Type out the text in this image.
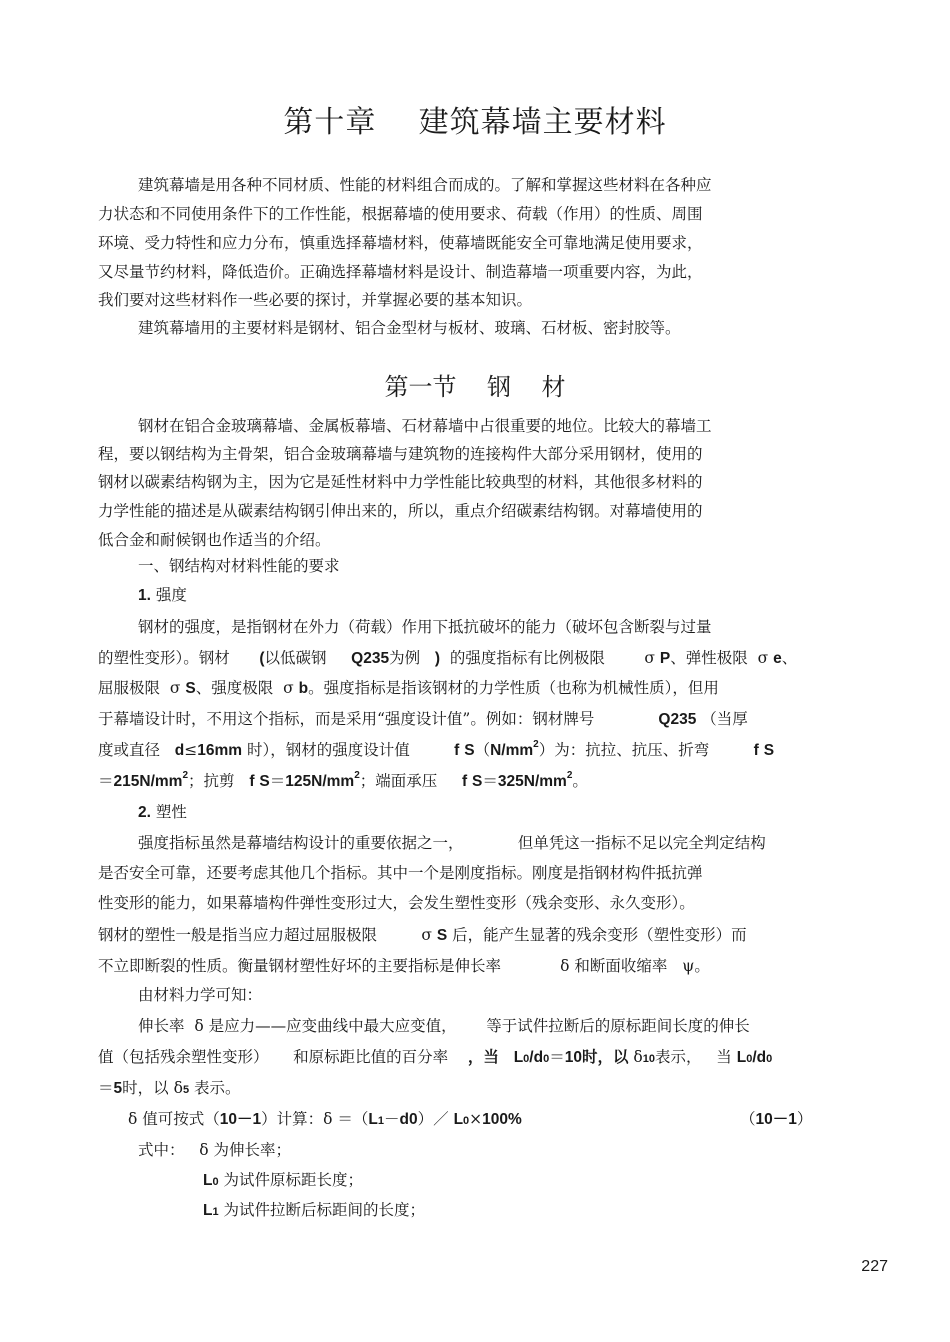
第十章    建筑幕墙主要材料
建筑幕墙是用各种不同材质、性能的材料组合而成的。了解和掌握这些材料在各种应
力状态和不同使用条件下的工作性能，根据幕墙的使用要求、荷载（作用）的性质、周围
环境、受力特性和应力分布，慎重选择幕墙材料，使幕墙既能安全可靠地满足使用要求，
又尽量节约材料，降低造价。正确选择幕墙材料是设计、制造幕墙一项重要内容，为此，
我们要对这些材料作一些必要的探讨，并掌握必要的基本知识。
建筑幕墙用的主要材料是钢材、铝合金型材与板材、玻璃、石材板、密封胶等。
第一节    钢    材
钢材在铝合金玻璃幕墙、金属板幕墙、石材幕墙中占很重要的地位。比较大的幕墙工
程，要以钢结构为主骨架，铝合金玻璃幕墙与建筑物的连接构件大部分采用钢材，使用的
钢材以碳素结构钢为主，因为它是延性材料中力学性能比较典型的材料，其他很多材料的
力学性能的描述是从碳素结构钢引伸出来的，所以，重点介绍碳素结构钢。对幕墙使用的
低合金和耐候钢也作适当的介绍。
一、钢结构对材料性能的要求
1. 强度
钢材的强度，是指钢材在外力（荷载）作用下抵抗破坏的能力（破坏包含断裂与过量
的塑性变形）。钢材 (以低碳钢 Q235为例 ) 的强度指标有比例极限	σ P、弹性极限 σ e、
屈服极限 σ S、强度极限 σ b。强度指标是指该钢材的力学性质（也称为机械性质），但用
于幕墙设计时，不用这个指标，而是采用“强度设计值”。例如：钢材牌号	Q235 （当厚
度或直径 d≤16mm 时），钢材的强度设计值	f $S(N/mm^2)$为：抗拉、抗压、折弯	f S
$=215N/mm^2$；抗剪 f $S=125N/mm^2$；端面承压 f $S=325N/mm^2$。
2. 塑性
强度指标虽然是幕墙结构设计的重要依据之一，	但单凭这一指标不足以完全判定结构
是否安全可靠，还要考虑其他几个指标。其中一个是刚度指标。刚度是指钢材构件抵抗弹
性变形的能力，如果幕墙构件弹性变形过大，会发生塑性变形（残余变形、永久变形）。
钢材的塑性一般是指当应力超过屈服极限	σ S 后，能产生显著的残余变形（塑性变形）而
不立即断裂的性质。衡量钢材塑性好坏的主要指标是伸长率	δ 和断面收缩率 ψ。
由材料力学可知：
伸长率 δ 是应力——应变曲线中最大应变值， 等于试件拉断后的原标距间长度的伸长
值（包括残余塑性变形） 和原标距比值的百分率 ，当 L0/d0＝10时，以 δ10表示， 当 L0/d0
＝5时，以 δ5 表示。
δ 值可按式（10－1）计算：δ ＝（L1－d0）／ L0×100%	（10－1）
式中： δ 为伸长率；
L0 为试件原标距长度；
L1 为试件拉断后标距间的长度；
227
